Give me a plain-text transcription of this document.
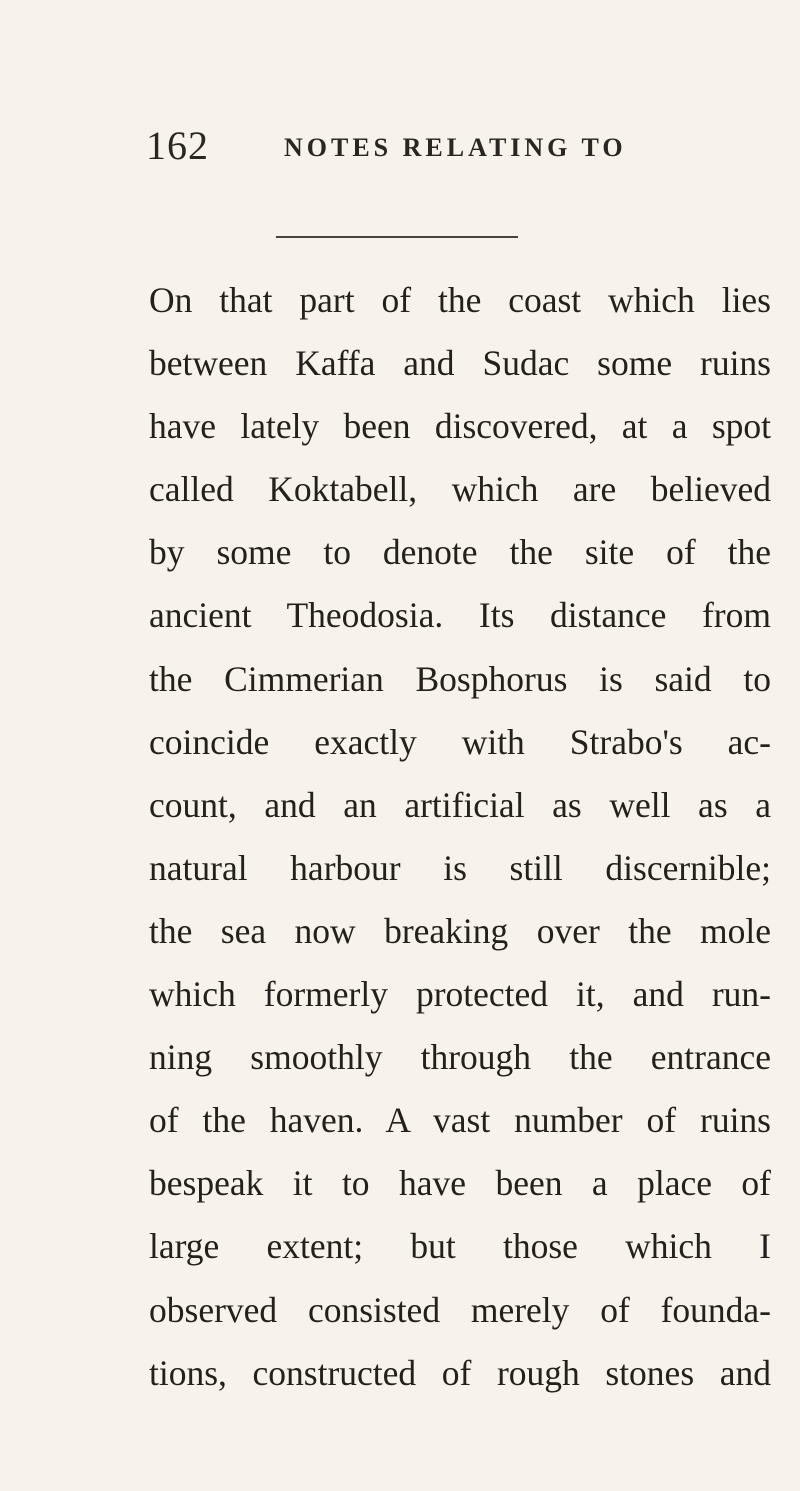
162	NOTES RELATING TO
On that part of the coast which lies
between Kaffa and Sudac some ruins
have lately been discovered, at a spot
called Koktabell, which are believed
by some to denote the site of the
ancient Theodosia. Its distance from
the Cimmerian Bosphorus is said to
coincide exactly with Strabo's ac-
count, and an artificial as well as a
natural harbour is still discernible;
the sea now breaking over the mole
which formerly protected it, and run-
ning smoothly through the entrance
of the haven. A vast number of ruins
bespeak it to have been a place of
large extent; but those which I
observed consisted merely of founda-
tions, constructed of rough stones and
